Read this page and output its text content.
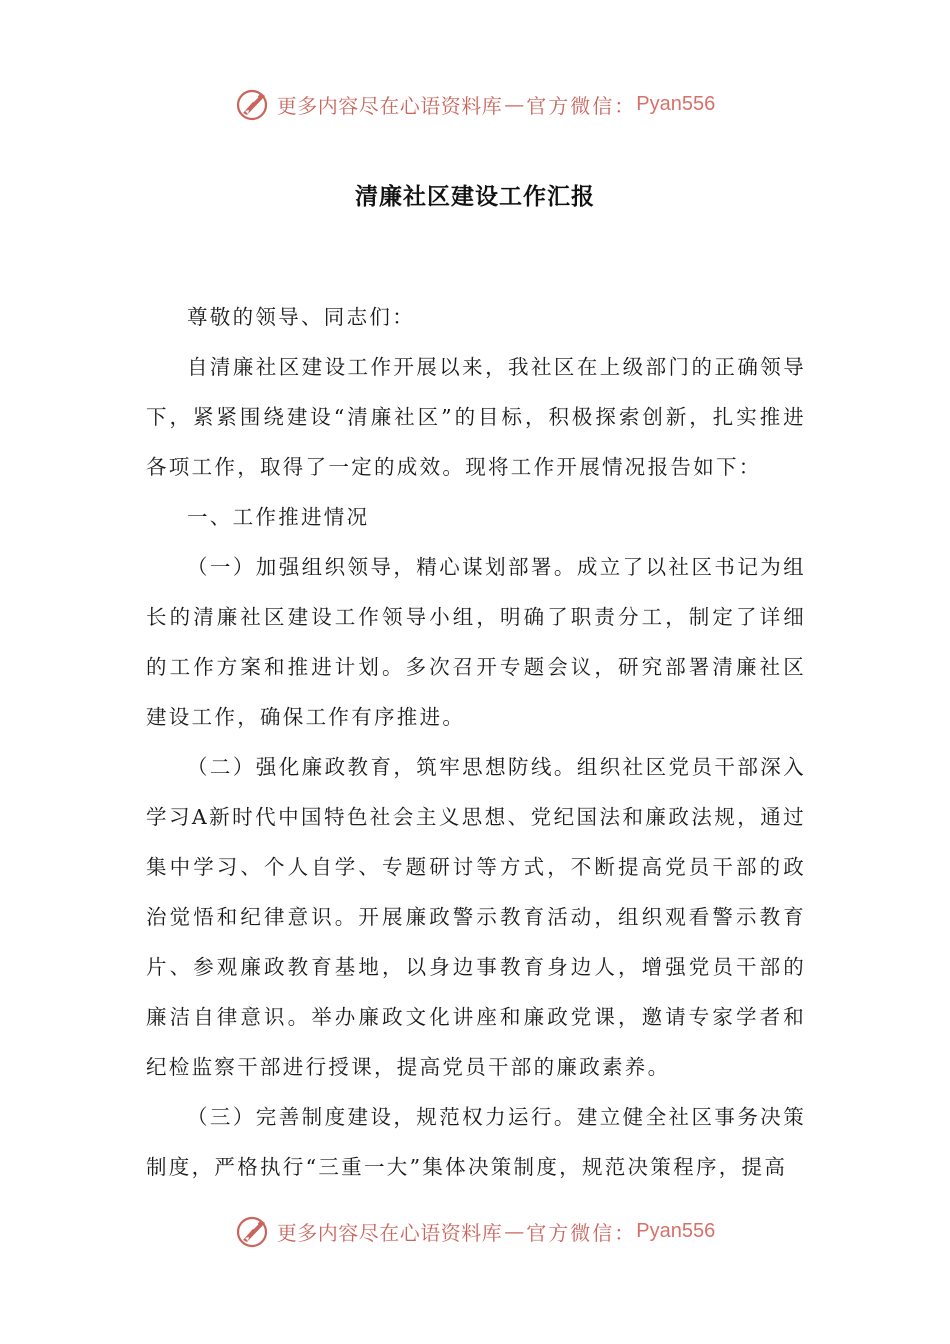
更多内容尽在心语资料库 — 官方微信： Pyan556
清廉社区建设工作汇报

尊敬的领导、同志们：

自清廉社区建设工作开展以来，我社区在上级部门的正确领导下，紧紧围绕建设“清廉社区”的目标，积极探索创新，扎实推进各项工作，取得了一定的成效。现将工作开展情况报告如下：

一、工作推进情况

（一）加强组织领导，精心谋划部署。成立了以社区书记为组长的清廉社区建设工作领导小组，明确了职责分工，制定了详细的工作方案和推进计划。多次召开专题会议，研究部署清廉社区建设工作，确保工作有序推进。

（二）强化廉政教育，筑牢思想防线。组织社区党员干部深入学习A新时代中国特色社会主义思想、党纪国法和廉政法规，通过集中学习、个人自学、专题研讨等方式，不断提高党员干部的政治觉悟和纪律意识。开展廉政警示教育活动，组织观看警示教育片、参观廉政教育基地，以身边事教育身边人，增强党员干部的廉洁自律意识。举办廉政文化讲座和廉政党课，邀请专家学者和纪检监察干部进行授课，提高党员干部的廉政素养。

（三）完善制度建设，规范权力运行。建立健全社区事务决策制度，严格执行“三重一大”集体决策制度，规范决策程序，提高

更多内容尽在心语资料库 — 官方微信： Pyan556
